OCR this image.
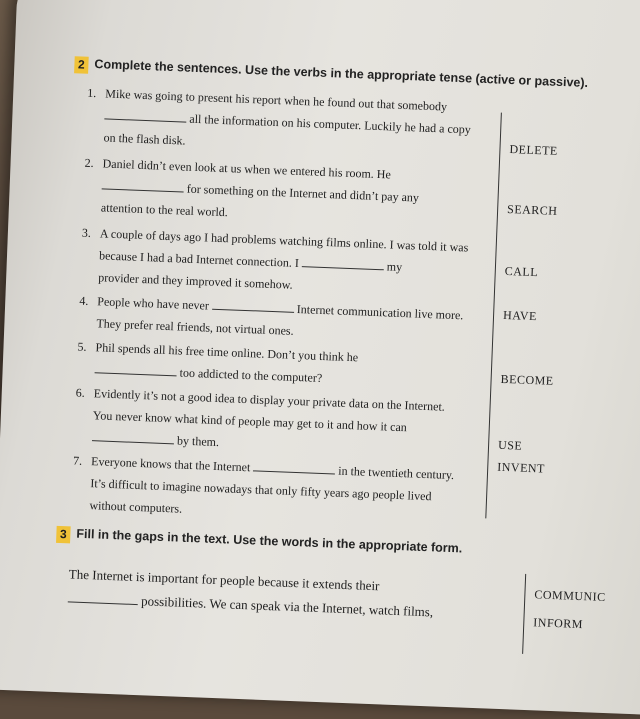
2 Complete the sentences. Use the verbs in the appropriate tense (active or passive).
1. Mike was going to present his report when he found out that somebody
all the information on his computer. Luckily he had a copy
on the flash disk.
2. Daniel didn’t even look at us when we entered his room. He
for something on the Internet and didn’t pay any
attention to the real world.
3. A couple of days ago I had problems watching films online. I was told it was
because I had a bad Internet connection. I	my
provider and they improved it somehow.
4. People who have never	Internet communication live more.
They prefer real friends, not virtual ones.
5. Phil spends all his free time online. Don’t you think he
too addicted to the computer?
6. Evidently it’s not a good idea to display your private data on the Internet.
You never know what kind of people may get to it and how it can
by them.
7. Everyone knows that the Internet	in the twentieth century.
It’s difficult to imagine nowadays that only fifty years ago people lived
without computers.
DELETE
SEARCH
CALL
HAVE
BECOME
USE
INVENT
3 Fill in the gaps in the text. Use the words in the appropriate form.
The Internet is important for people because it extends their
possibilities. We can speak via the Internet, watch films,	COMMUNIC
INFORM
